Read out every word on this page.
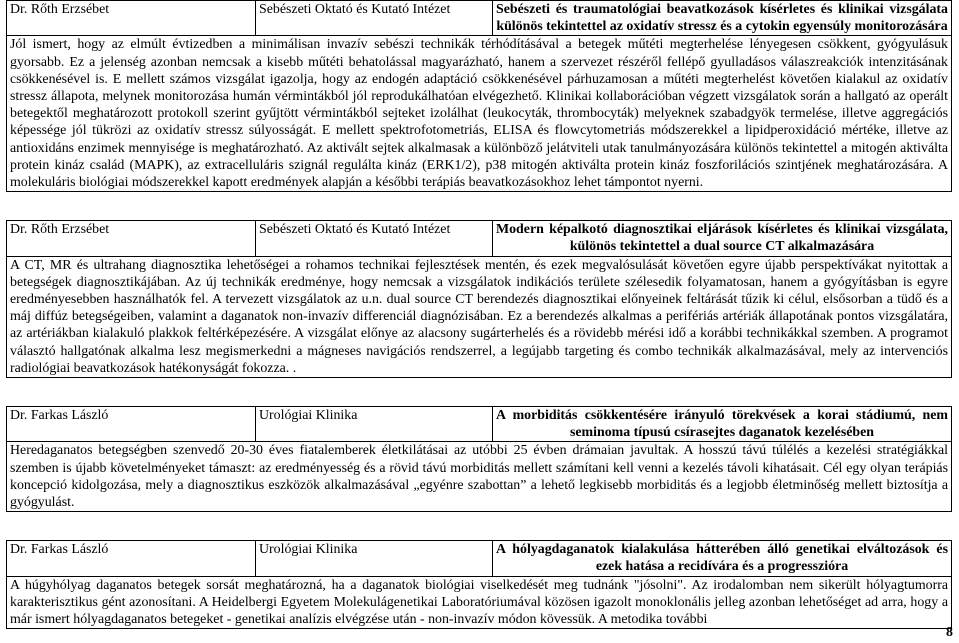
Dr. Rőth Erzsébet	Sebészeti Oktató és Kutató Intézet	Sebészeti és traumatológiai beavatkozások kísérletes és klinikai vizsgálata különös tekintettel az oxidatív stressz és a cytokin egyensúly monitorozására
Jól ismert, hogy az elmúlt évtizedben a minimálisan invazív sebészi technikák térhódításával a betegek műtéti megterhelése lényegesen csökkent, gyógyulásuk gyorsabb. Ez a jelenség azonban nemcsak a kisebb műtéti behatolással magyarázható, hanem a szervezet részéről fellépő gyulladásos válaszreakciók intenzitásának csökkenésével is. E mellett számos vizsgálat igazolja, hogy az endogén adaptáció csökkenésével párhuzamosan a műtéti megterhelést követően kialakul az oxidatív stressz állapota, melynek monitorozása humán vérmintákból jól reprodukálhatóan elvégezhető. Klinikai kollaborációban végzett vizsgálatok során a hallgató az operált betegektől meghatározott protokoll szerint gyűjtött vérmintákból sejteket izolálhat (leukocyták, thrombocyták) melyeknek szabadgyök termelése, illetve aggregációs képessége jól tükrözi az oxidatív stressz súlyosságát. E mellett spektrofotometriás, ELISA és flowcytometriás módszerekkel a lipidperoxidáció mértéke, illetve az antioxidáns enzimek mennyisége is meghatározható. Az aktivált sejtek alkalmasak a különböző jelátviteli utak tanulmányozására különös tekintettel a mitogén aktiválta protein kináz család (MAPK), az extracelluláris szignál regulálta kináz (ERK1/2), p38 mitogén aktiválta protein kináz foszforilációs szintjének meghatározására. A molekuláris biológiai módszerekkel kapott eredmények alapján a későbbi terápiás beavatkozásokhoz lehet támpontot nyerni.
Dr. Rőth Erzsébet	Sebészeti Oktató és Kutató Intézet	Modern képalkotó diagnosztikai eljárások kísérletes és klinikai vizsgálata, különös tekintettel a dual source CT alkalmazására
A CT, MR és ultrahang diagnosztika lehetőségei a rohamos technikai fejlesztések mentén, és ezek megvalósulását követően egyre újabb perspektívákat nyitottak a betegségek diagnosztikájában. Az új technikák eredménye, hogy nemcsak a vizsgálatok indikációs területe szélesedik folyamatosan, hanem a gyógyításban is egyre eredményesebben használhatók fel. A tervezett vizsgálatok az u.n. dual source CT berendezés diagnosztikai előnyeinek feltárását tűzik ki célul, elsősorban a tüdő és a máj diffúz betegségeiben, valamint a daganatok non-invazív differenciál diagnózisában. Ez a berendezés alkalmas a perifériás artériák állapotának pontos vizsgálatára, az artériákban kialakuló plakkok feltérképezésére. A vizsgálat előnye az alacsony sugárterhelés és a rövidebb mérési idő a korábbi technikákkal szemben. A programot választó hallgatónak alkalma lesz megismerkedni a mágneses navigációs rendszerrel, a legújabb targeting és combo technikák alkalmazásával, mely az intervenciós radiológiai beavatkozások hatékonyságát fokozza. .
Dr. Farkas László	Urológiai Klinika	A morbiditás csökkentésére irányuló törekvések a korai stádiumú, nem seminoma típusú csírasejtes daganatok kezelésében
Heredaganatos betegségben szenvedő 20-30 éves fiatalemberek életkilátásai az utóbbi 25 évben drámaian javultak. A hosszú távú túlélés a kezelési stratégiákkal szemben is újabb követelményeket támaszt: az eredményesség és a rövid távú morbiditás mellett számítani kell venni a kezelés távoli kihatásait. Cél egy olyan terápiás koncepció kidolgozása, mely a diagnosztikus eszközök alkalmazásával „egyénre szabottan” a lehető legkisebb morbiditás és a legjobb életminőség mellett biztosítja a gyógyulást.
Dr. Farkas László	Urológiai Klinika	A hólyagdaganatok kialakulása hátterében álló genetikai elváltozások és ezek hatása a recidívára és a progresszióra
A húgyhólyag daganatos betegek sorsát meghatározná, ha a daganatok biológiai viselkedését meg tudnánk "jósolni". Az irodalomban nem sikerült hólyagtumorra karakterisztikus gént azonosítani. A Heidelbergi Egyetem Molekulágenetikai Laboratóriumával közösen igazolt monoklonális jelleg azonban lehetőséget ad arra, hogy a már ismert hólyagdaganatos betegeket - genetikai analízis elvégzése után - non-invazív módon kövessük. A metodika további
8
